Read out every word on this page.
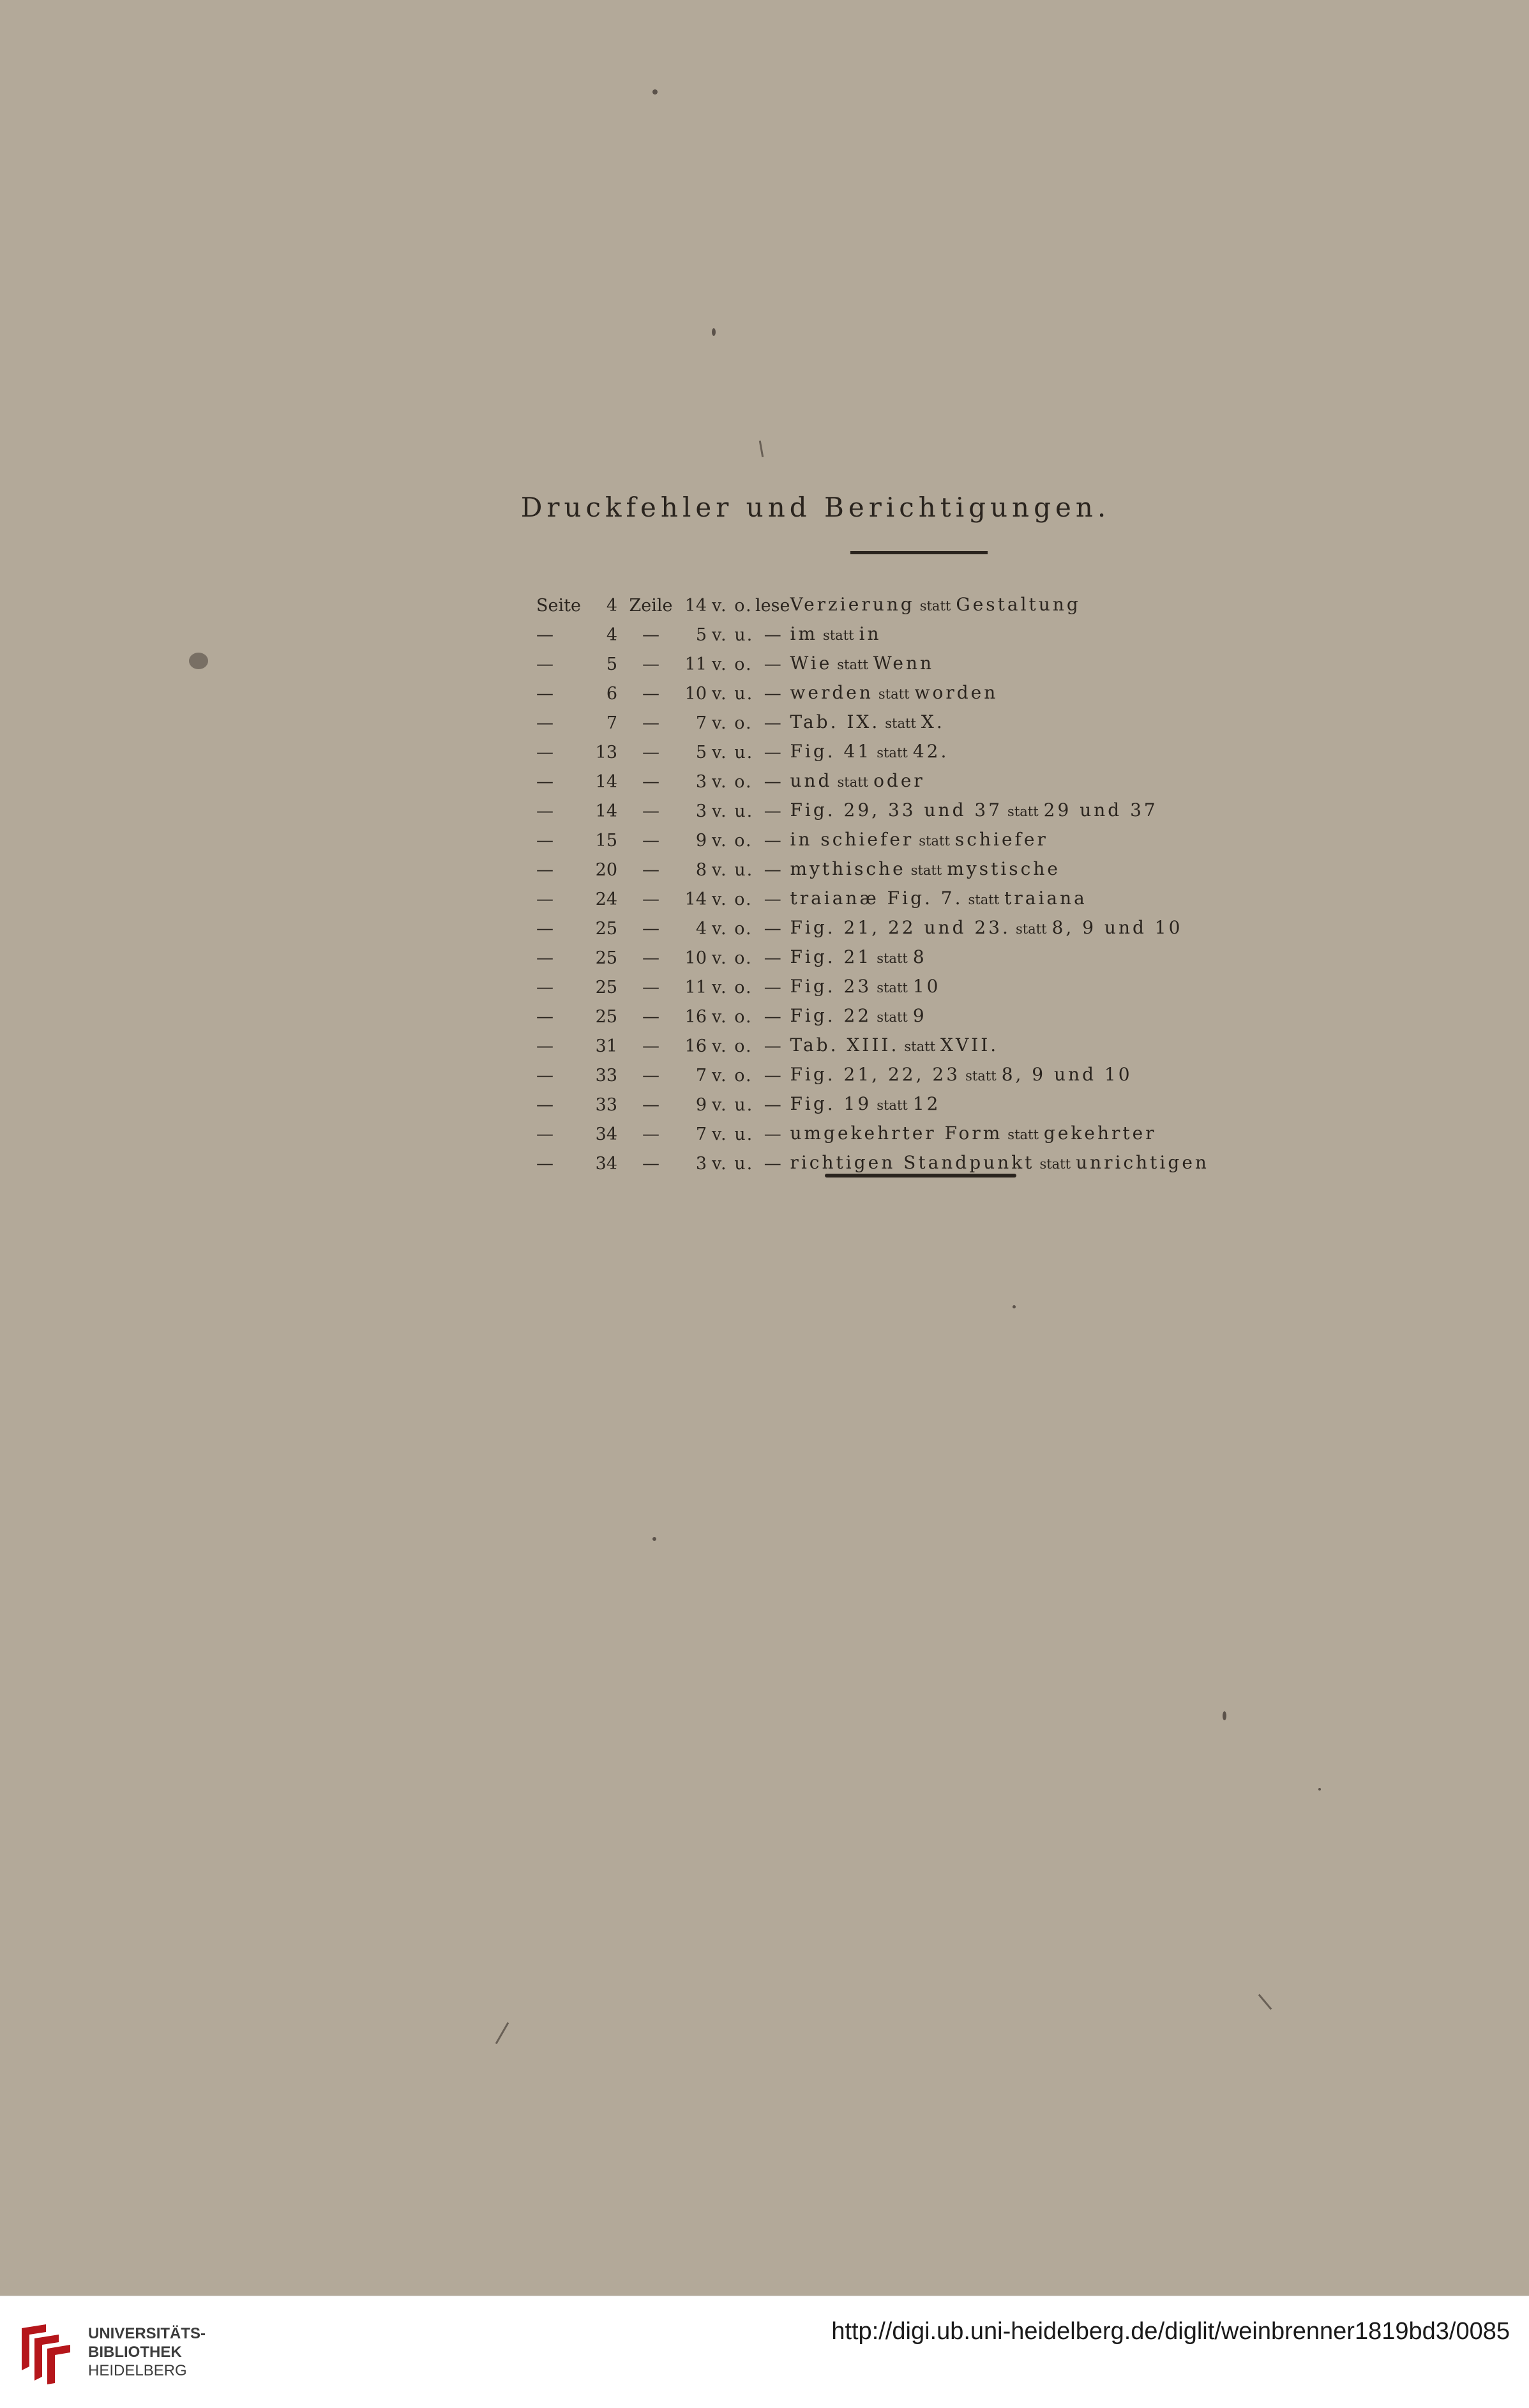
Druckfehler und Berichtigungen.
Seite	4	Zeile	14	v. o.	lese	Verzierung statt Gestaltung
—	4	—	5	v. u.	—	im statt in
—	5	—	11	v. o.	—	Wie statt Wenn
—	6	—	10	v. u.	—	werden statt worden
—	7	—	7	v. o.	—	Tab. IX. statt X.
—	13	—	5	v. u.	—	Fig. 41 statt 42.
—	14	—	3	v. o.	—	und statt oder
—	14	—	3	v. u.	—	Fig. 29, 33 und 37 statt 29 und 37
—	15	—	9	v. o.	—	in schiefer statt schiefer
—	20	—	8	v. u.	—	mythische statt mystische
—	24	—	14	v. o.	—	traianæ Fig. 7. statt traiana
—	25	—	4	v. o.	—	Fig. 21, 22 und 23. statt 8, 9 und 10
—	25	—	10	v. o.	—	Fig. 21 statt 8
—	25	—	11	v. o.	—	Fig. 23 statt 10
—	25	—	16	v. o.	—	Fig. 22 statt 9
—	31	—	16	v. o.	—	Tab. XIII. statt XVII.
—	33	—	7	v. o.	—	Fig. 21, 22, 23 statt 8, 9 und 10
—	33	—	9	v. u.	—	Fig. 19 statt 12
—	34	—	7	v. u.	—	umgekehrter Form statt gekehrter
—	34	—	3	v. u.	—	richtigen Standpunkt statt unrichtigen
UNIVERSITÄTS-
BIBLIOTHEK
HEIDELBERG
http://digi.ub.uni-heidelberg.de/diglit/weinbrenner1819bd3/0085
